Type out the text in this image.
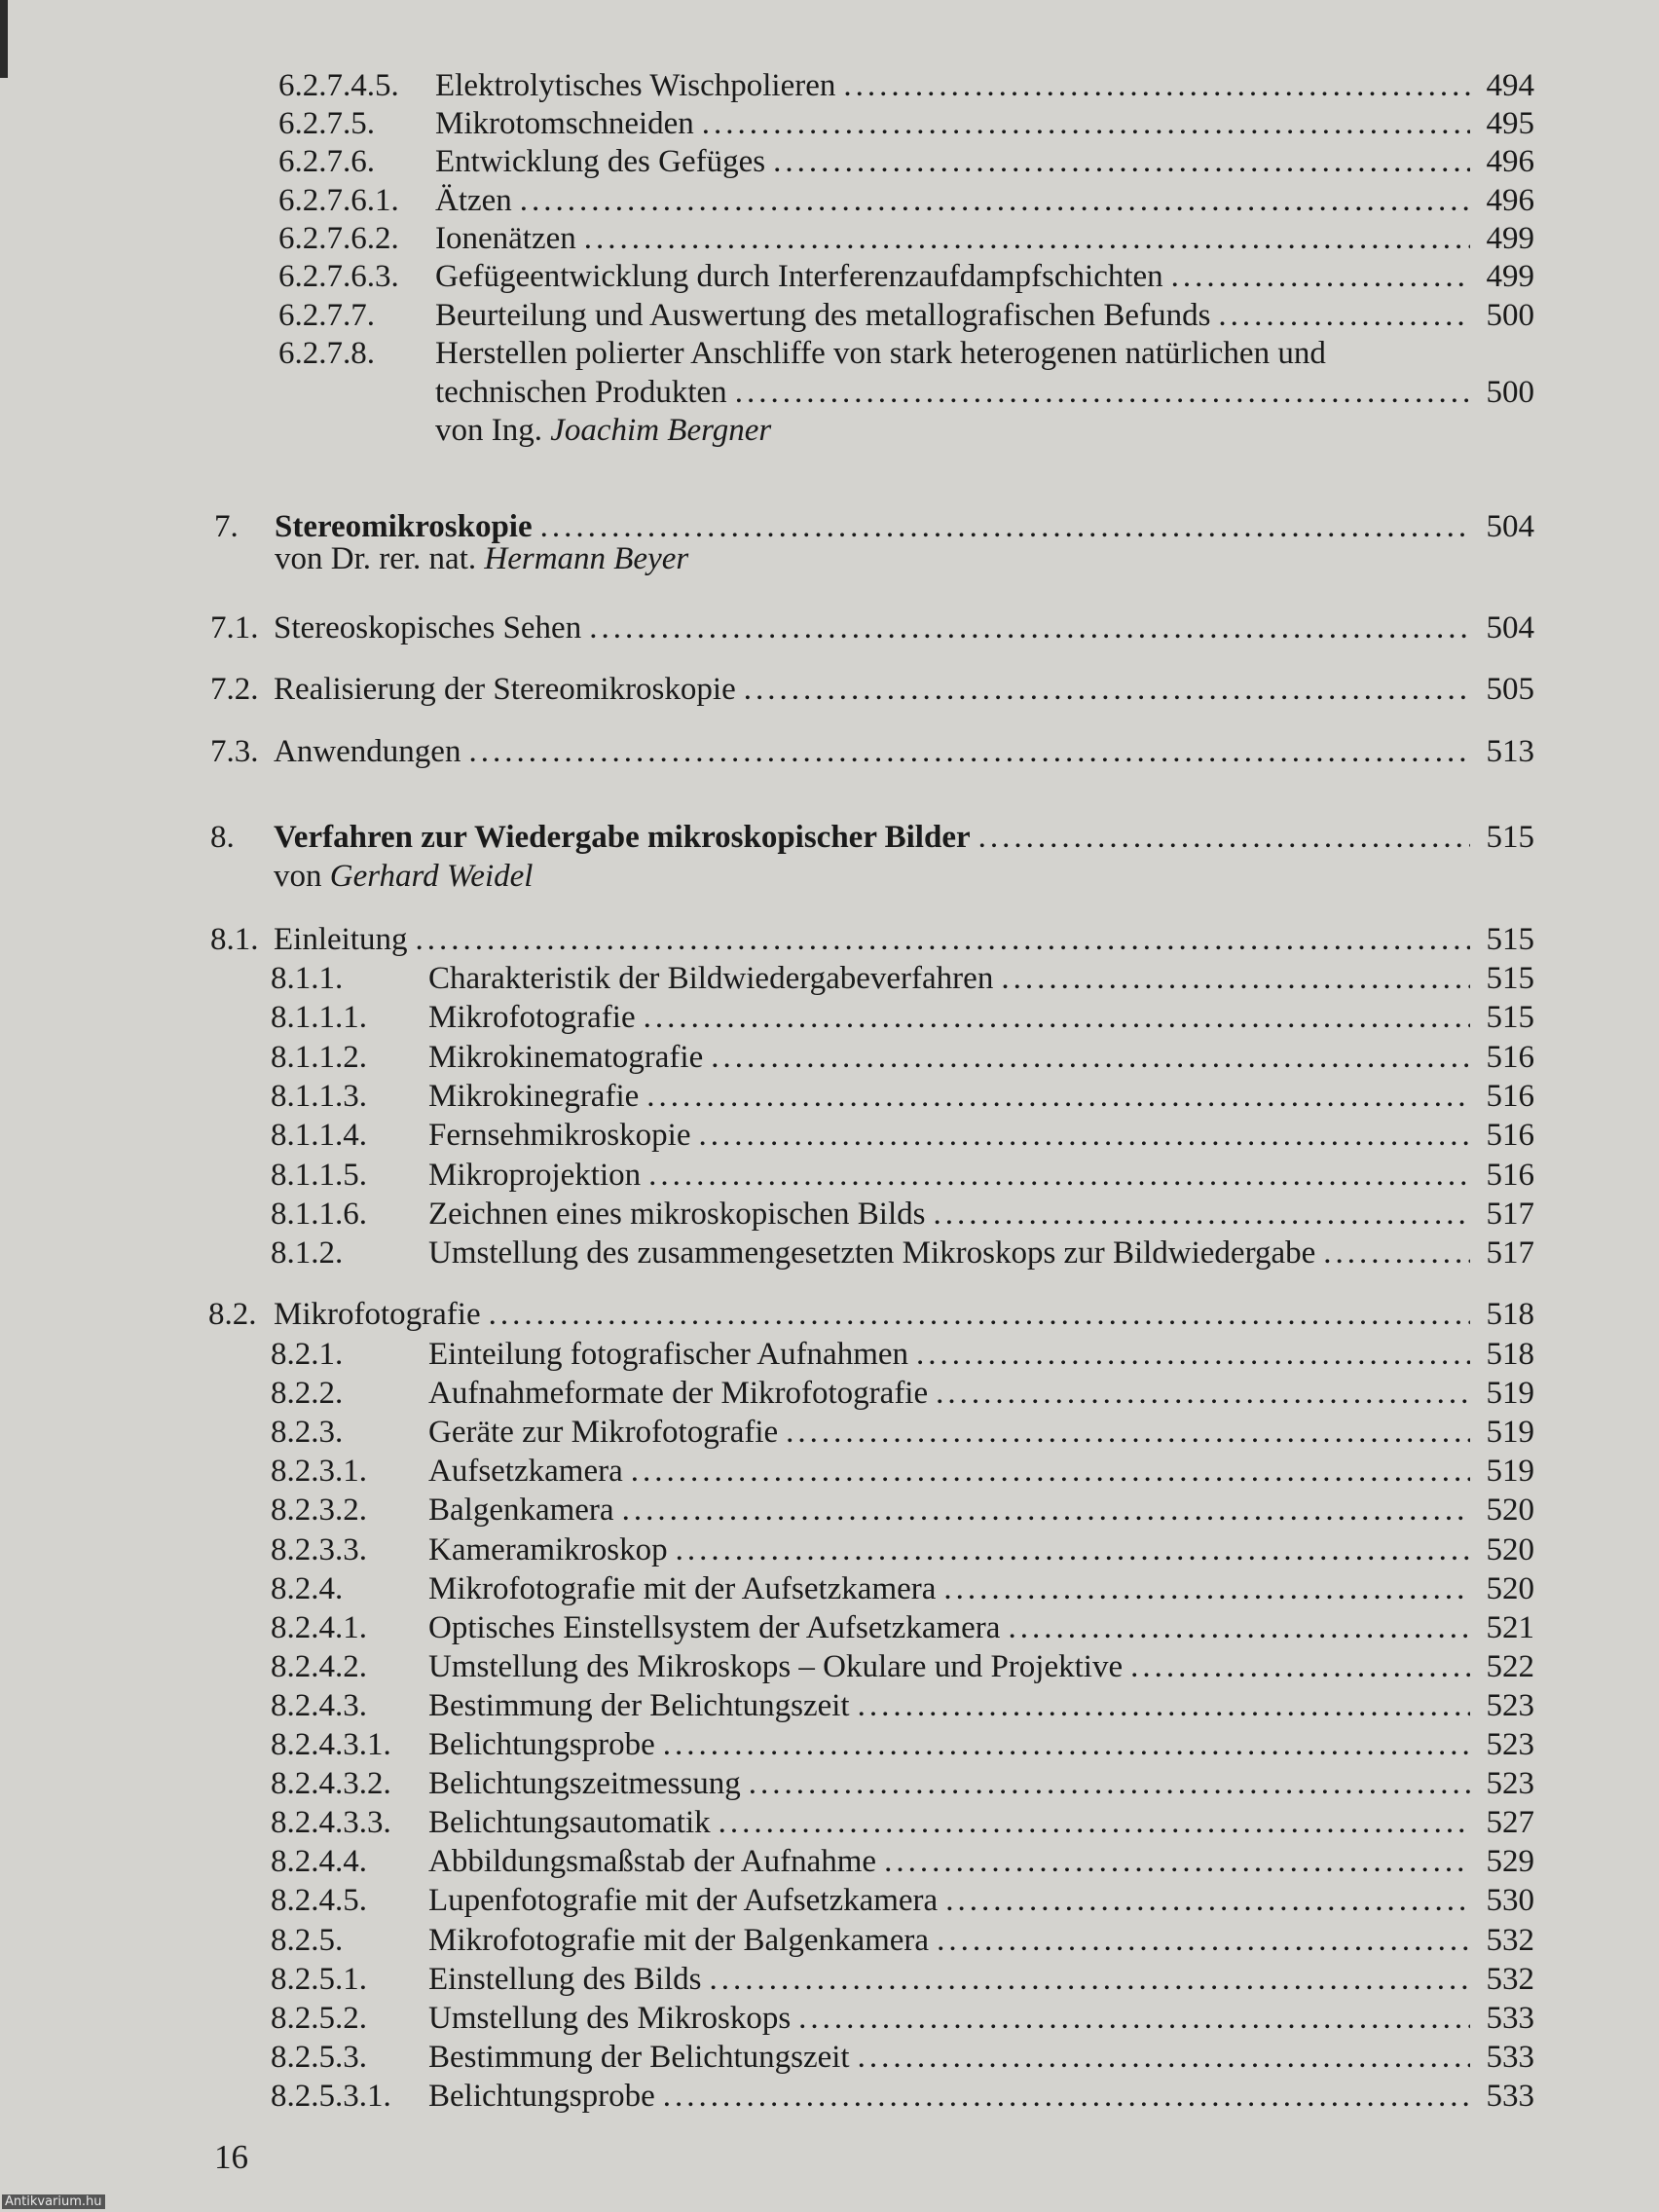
6.2.7.4.5.	Elektrolytisches Wischpolieren .....	494
6.2.7.5.	Mikrotomschneiden .....	495
6.2.7.6.	Entwicklung des Gefüges .....	496
6.2.7.6.1.	Ätzen .....	496
6.2.7.6.2.	Ionenätzen .....	499
6.2.7.6.3.	Gefügeentwicklung durch Interferenzaufdampfschichten .....	499
6.2.7.7.	Beurteilung und Auswertung des metallografischen Befunds .....	500
6.2.7.8.	Herstellen polierter Anschliffe von stark heterogenen natürlichen und
technischen Produkten .....	500
von Ing. Joachim Bergner
7.	Stereomikroskopie .....	504
von Dr. rer. nat. Hermann Beyer
7.1. Stereoskopisches Sehen .....	504
7.2. Realisierung der Stereomikroskopie .....	505
7.3. Anwendungen .....	513
8.	Verfahren zur Wiedergabe mikroskopischer Bilder .....	515
von Gerhard Weidel
8.1. Einleitung .....	515
8.1.1.	Charakteristik der Bildwiedergabeverfahren .....	515
8.1.1.1.	Mikrofotografie .....	515
8.1.1.2.	Mikrokinematografie .....	516
8.1.1.3.	Mikrokinegrafie .....	516
8.1.1.4.	Fernsehmikroskopie .....	516
8.1.1.5.	Mikroprojektion .....	516
8.1.1.6.	Zeichnen eines mikroskopischen Bilds .....	517
8.1.2.	Umstellung des zusammengesetzten Mikroskops zur Bildwiedergabe .....	517
8.2. Mikrofotografie .....	518
8.2.1.	Einteilung fotografischer Aufnahmen .....	518
8.2.2.	Aufnahmeformate der Mikrofotografie .....	519
8.2.3.	Geräte zur Mikrofotografie .....	519
8.2.3.1.	Aufsetzkamera .....	519
8.2.3.2.	Balgenkamera .....	520
8.2.3.3.	Kameramikroskop .....	520
8.2.4.	Mikrofotografie mit der Aufsetzkamera .....	520
8.2.4.1.	Optisches Einstellsystem der Aufsetzkamera .....	521
8.2.4.2.	Umstellung des Mikroskops – Okulare und Projektive .....	522
8.2.4.3.	Bestimmung der Belichtungszeit .....	523
8.2.4.3.1.	Belichtungsprobe .....	523
8.2.4.3.2.	Belichtungszeitmessung .....	523
8.2.4.3.3.	Belichtungsautomatik .....	527
8.2.4.4.	Abbildungsmaßstab der Aufnahme .....	529
8.2.4.5.	Lupenfotografie mit der Aufsetzkamera .....	530
8.2.5.	Mikrofotografie mit der Balgenkamera .....	532
8.2.5.1.	Einstellung des Bilds .....	532
8.2.5.2.	Umstellung des Mikroskops .....	533
8.2.5.3.	Bestimmung der Belichtungszeit .....	533
8.2.5.3.1.	Belichtungsprobe .....	533
16
Antikvarium.hu
